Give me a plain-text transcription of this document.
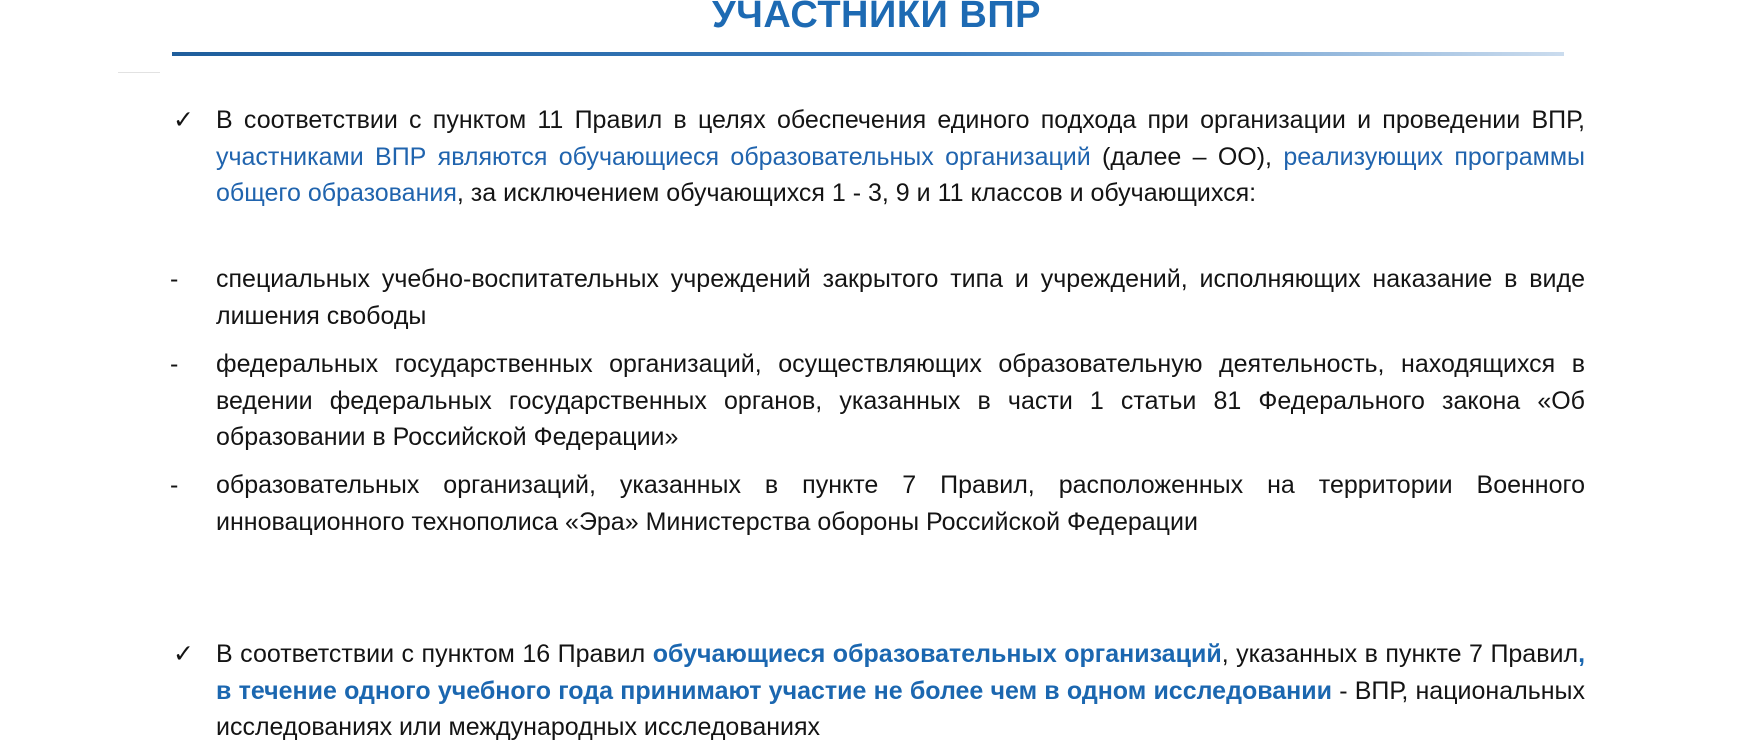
УЧАСТНИКИ ВПР
✓ В соответствии с пунктом 11 Правил в целях обеспечения единого подхода при организации и проведении ВПР, участниками ВПР являются обучающиеся образовательных организаций (далее – ОО), реализующих программы общего образования, за исключением обучающихся 1 - 3, 9 и 11 классов и обучающихся:
-	специальных учебно-воспитательных учреждений закрытого типа и учреждений, исполняющих наказание в виде лишения свободы
-	федеральных государственных организаций, осуществляющих образовательную деятельность, находящихся в ведении федеральных государственных органов, указанных в части 1 статьи 81 Федерального закона «Об образовании в Российской Федерации»
-	образовательных организаций, указанных в пункте 7 Правил, расположенных на территории Военного инновационного технополиса «Эра» Министерства обороны Российской Федерации
✓ В соответствии с пунктом 16 Правил обучающиеся образовательных организаций, указанных в пункте 7 Правил, в течение одного учебного года принимают участие не более чем в одном исследовании - ВПР, национальных исследованиях или международных исследованиях
